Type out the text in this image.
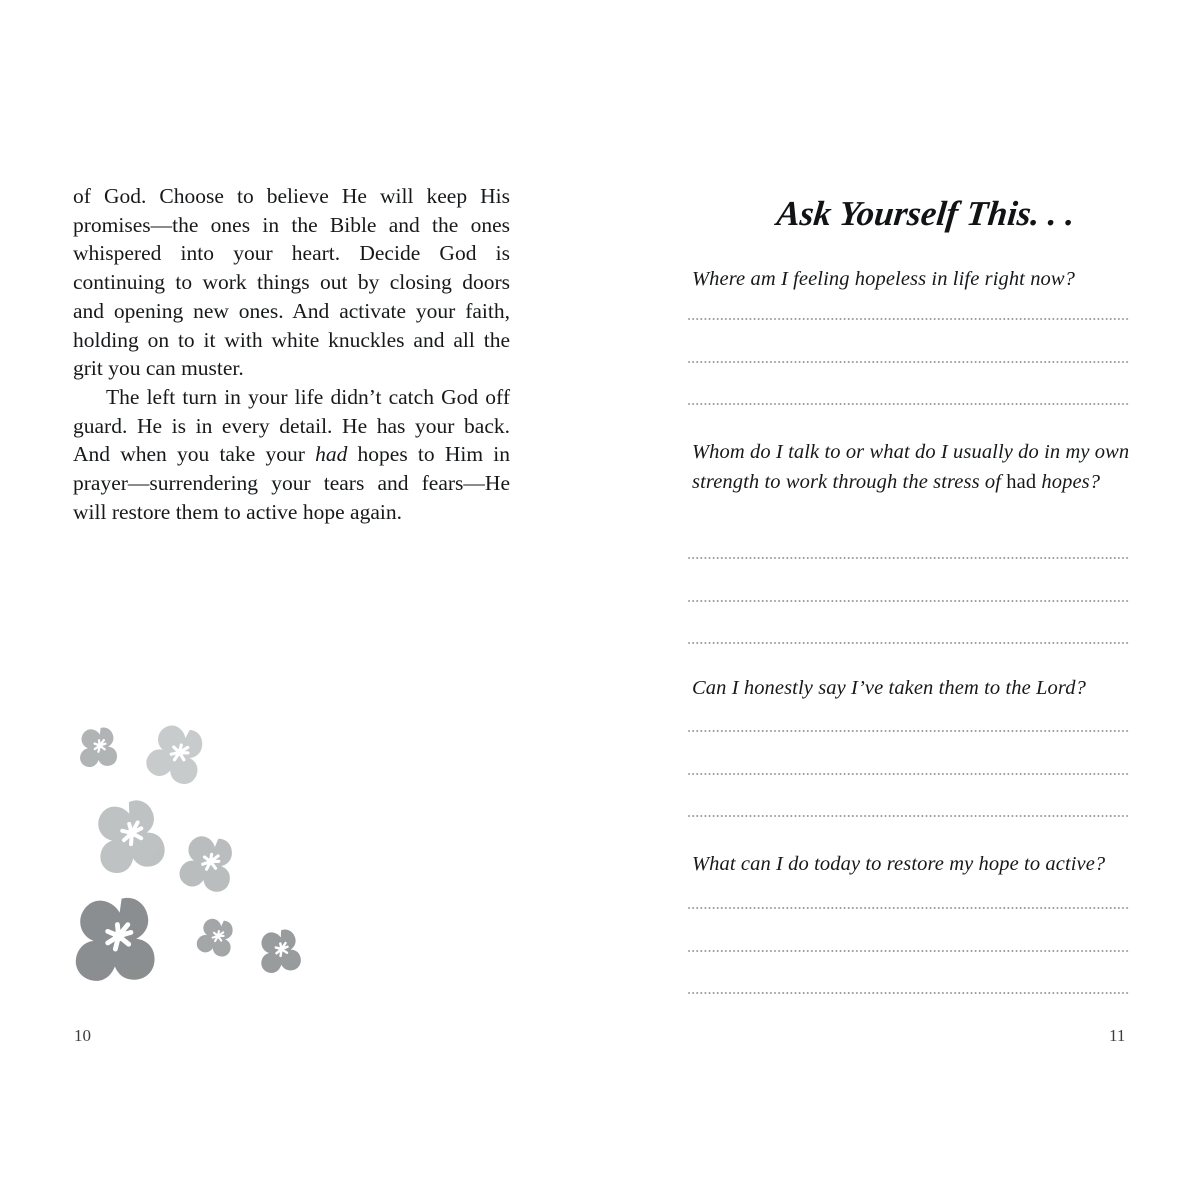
of God. Choose to believe He will keep His promises—the ones in the Bible and the ones whispered into your heart. Decide God is continuing to work things out by closing doors and opening new ones. And activate your faith, holding on to it with white knuckles and all the grit you can muster.

The left turn in your life didn’t catch God off guard. He is in every detail. He has your back. And when you take your had hopes to Him in prayer—surrendering your tears and fears—He will restore them to active hope again.

10
Ask Yourself This. . .

Where am I feeling hopeless in life right now?

Whom do I talk to or what do I usually do in my own strength to work through the stress of had hopes?

Can I honestly say I’ve taken them to the Lord?

What can I do today to restore my hope to active?

11
